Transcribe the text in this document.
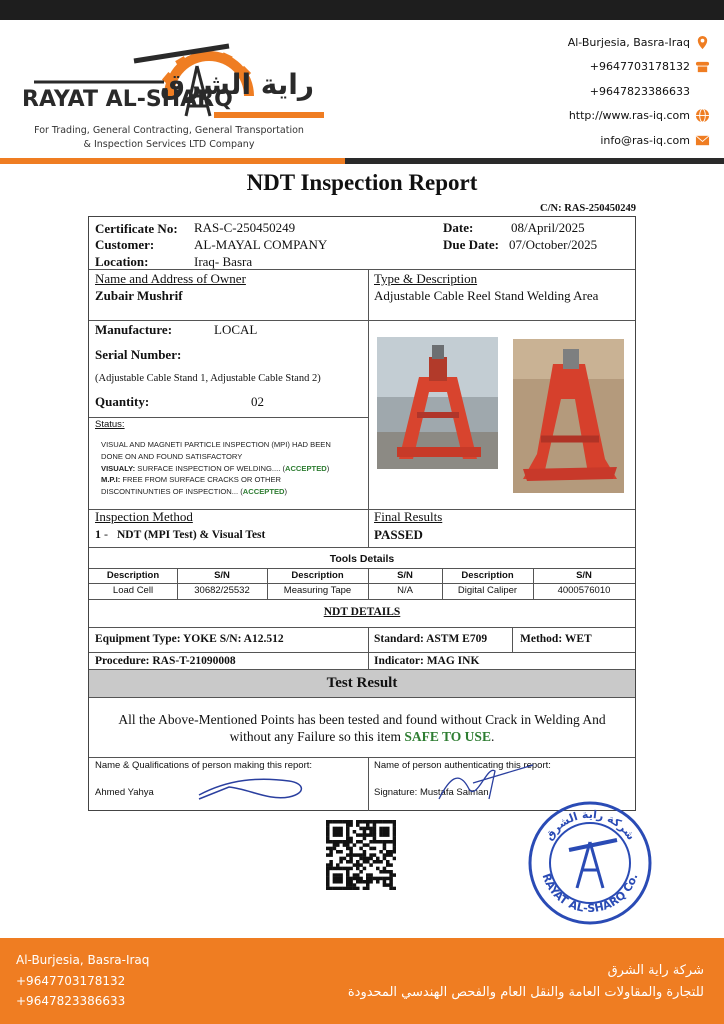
RAYAT AL-SHARQ
راية الشرق
For Trading, General Contracting, General Transportation
& Inspection Services LTD Company
Al-Burjesia, Basra-Iraq
+9647703178132
+9647823386633
http://www.ras-iq.com
info@ras-iq.com
NDT Inspection Report
C/N: RAS-250450249
Certificate No: RAS-C-250450249
Customer:	AL-MAYAL COMPANY
Location:	Iraq- Basra
Date:	08/April/2025
Due Date: 07/October/2025
Name and Address of Owner
Zubair Mushrif
Type & Description
Adjustable Cable Reel Stand Welding Area
Manufacture:	LOCAL
Serial Number:
(Adjustable Cable Stand 1, Adjustable Cable Stand 2)
Quantity:	02
Status:
VISUAL AND MAGNETI PARTICLE INSPECTION (MPI) HAD BEEN
DONE ON AND FOUND SATISFACTORY
VISUALY: SURFACE INSPECTION OF WELDING.... (ACCEPTED)
M.P.I: FREE FROM SURFACE CRACKS OR OTHER
DISCONTINUNTIES OF INSPECTION... (ACCEPTED)
Inspection Method
1 - NDT (MPI Test) & Visual Test
Final Results
PASSED
Tools Details
NDT DETAILS
Equipment Type: YOKE S/N: A12.512	Standard: ASTM E709	Method: WET
Procedure: RAS-T-21090008	Indicator: MAG INK
Test Result
All the Above-Mentioned Points has been tested and found without Crack in Welding And
without any Failure so this item SAFE TO USE.
Name & Qualifications of person making this report:
Ahmed Yahya
Name of person authenticating this report:
Signature: Mustafa Salman
Description	S/N	Description	S/N	Description	S/N
Load Cell	30682/25532	Measuring Tape	N/A	Digital Caliper	4000576010
شركة راية الشرق
RAYAT AL-SHARQ Co.
Al-Burjesia, Basra-Iraq
+9647703178132
+9647823386633
شركة راية الشرق
للتجارة والمقاولات العامة والنقل العام والفحص الهندسي المحدودة
